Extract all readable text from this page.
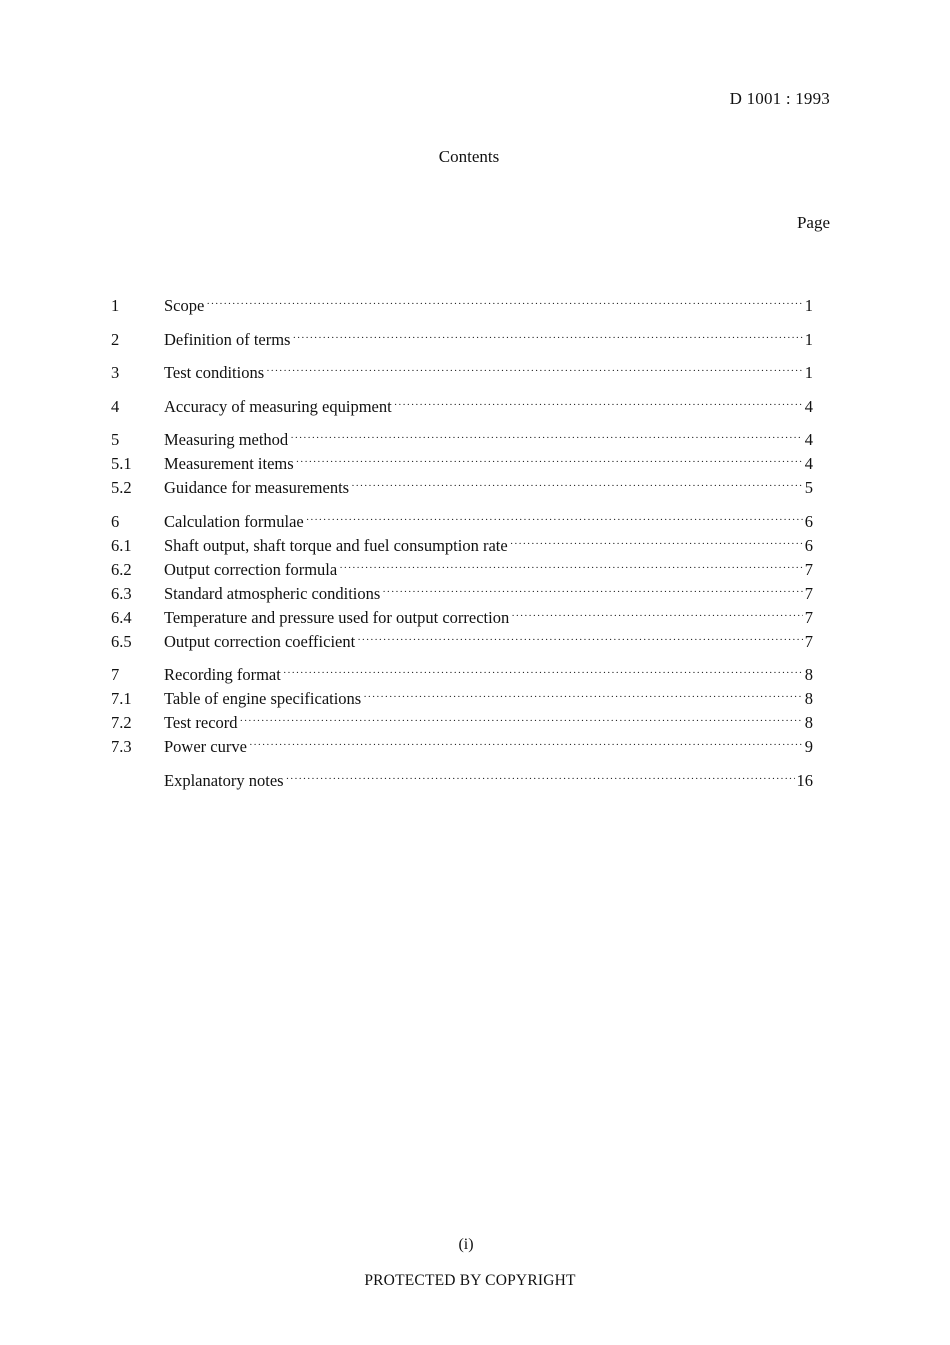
D 1001 : 1993
Contents
Page
1	Scope ·····	1
2	Definition of terms ·····	1
3	Test conditions ·····	1
4	Accuracy of measuring equipment ·····	4
5	Measuring method ·····	4
5.1	Measurement items ·····	4
5.2	Guidance for measurements ·····	5
6	Calculation formulae ·····	6
6.1	Shaft output, shaft torque and fuel consumption rate ·····	6
6.2	Output correction formula ·····	7
6.3	Standard atmospheric conditions ·····	7
6.4	Temperature and pressure used for output correction ·····	7
6.5	Output correction coefficient ·····	7
7	Recording format ·····	8
7.1	Table of engine specifications ·····	8
7.2	Test record ·····	8
7.3	Power curve ·····	9
Explanatory notes ·····	16
(i)
PROTECTED BY COPYRIGHT
